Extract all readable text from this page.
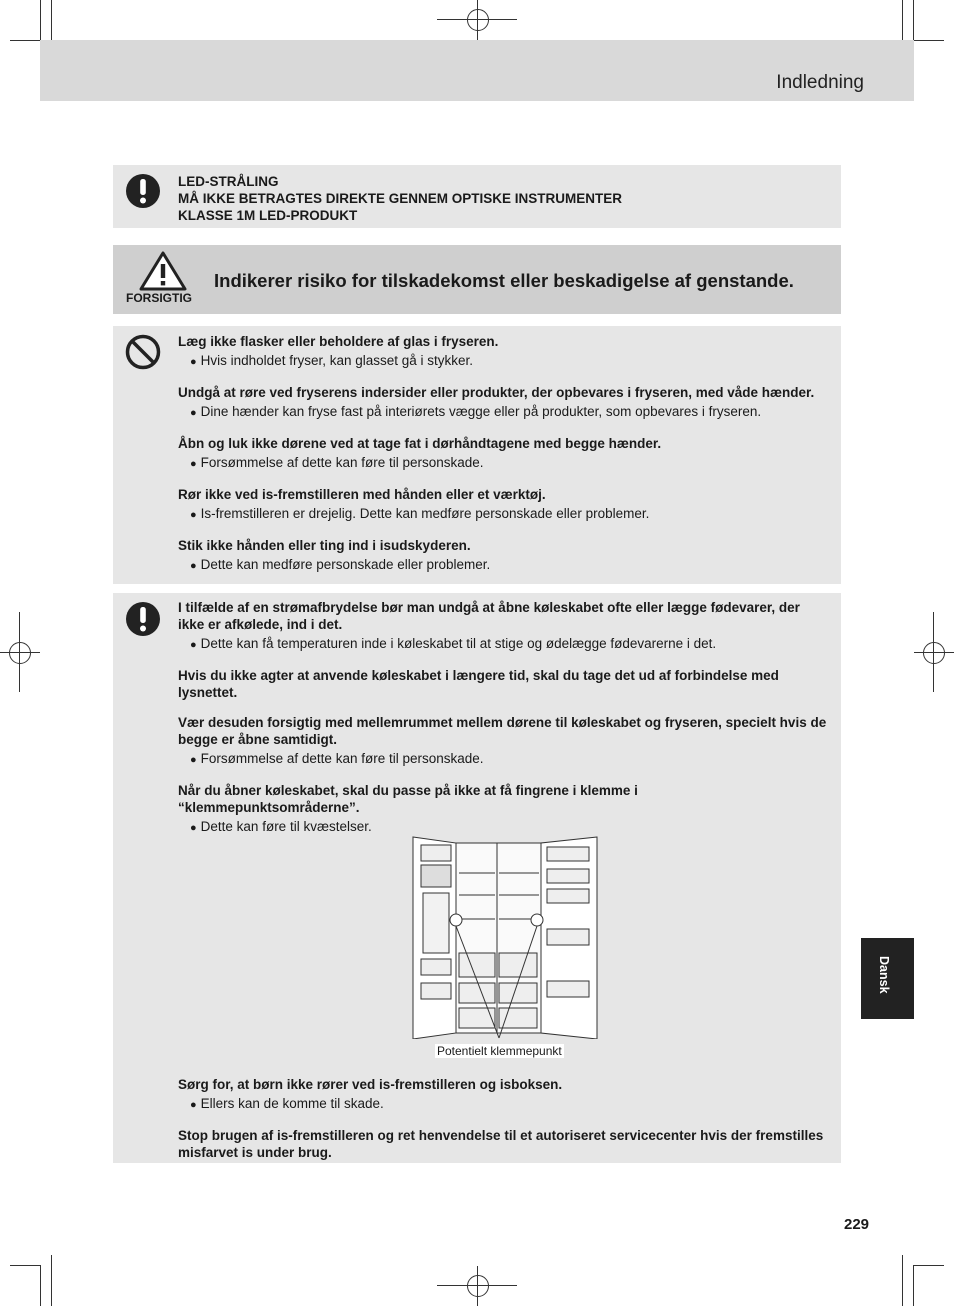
Indledning
LED-STRÅLING
MÅ IKKE BETRAGTES DIREKTE GENNEM OPTISKE INSTRUMENTER
KLASSE 1M LED-PRODUKT
FORSIGTIG
Indikerer risiko for tilskadekomst eller beskadigelse af genstande.
Læg ikke flasker eller beholdere af glas i fryseren.
● Hvis indholdet fryser, kan glasset gå i stykker.
Undgå at røre ved fryserens indersider eller produkter, der opbevares i fryseren, med våde hænder.
● Dine hænder kan fryse fast på interiørets vægge eller på produkter, som opbevares i fryseren.
Åbn og luk ikke dørene ved at tage fat i dørhåndtagene med begge hænder.
● Forsømmelse af dette kan føre til personskade.
Rør ikke ved is-fremstilleren med hånden eller et værktøj.
● Is-fremstilleren er drejelig. Dette kan medføre personskade eller problemer.
Stik ikke hånden eller ting ind i isudskyderen.
● Dette kan medføre personskade eller problemer.
I tilfælde af en strømafbrydelse bør man undgå at åbne køleskabet ofte eller lægge fødevarer, der ikke er afkølede, ind i det.
● Dette kan få temperaturen inde i køleskabet til at stige og ødelægge fødevarerne i det.
Hvis du ikke agter at anvende køleskabet i længere tid, skal du tage det ud af forbindelse med lysnettet.
Vær desuden forsigtig med mellemrummet mellem dørene til køleskabet og fryseren, specielt hvis de begge er åbne samtidigt.
● Forsømmelse af dette kan føre til personskade.
Når du åbner køleskabet, skal du passe på ikke at få fingrene i klemme i “klemmepunktsområderne”.
● Dette kan føre til kvæstelser.
Potentielt klemmepunkt
Sørg for, at børn ikke rører ved is-fremstilleren og isboksen.
● Ellers kan de komme til skade.
Stop brugen af is-fremstilleren og ret henvendelse til et autoriseret servicecenter hvis der fremstilles misfarvet is under brug.
Dansk
229
